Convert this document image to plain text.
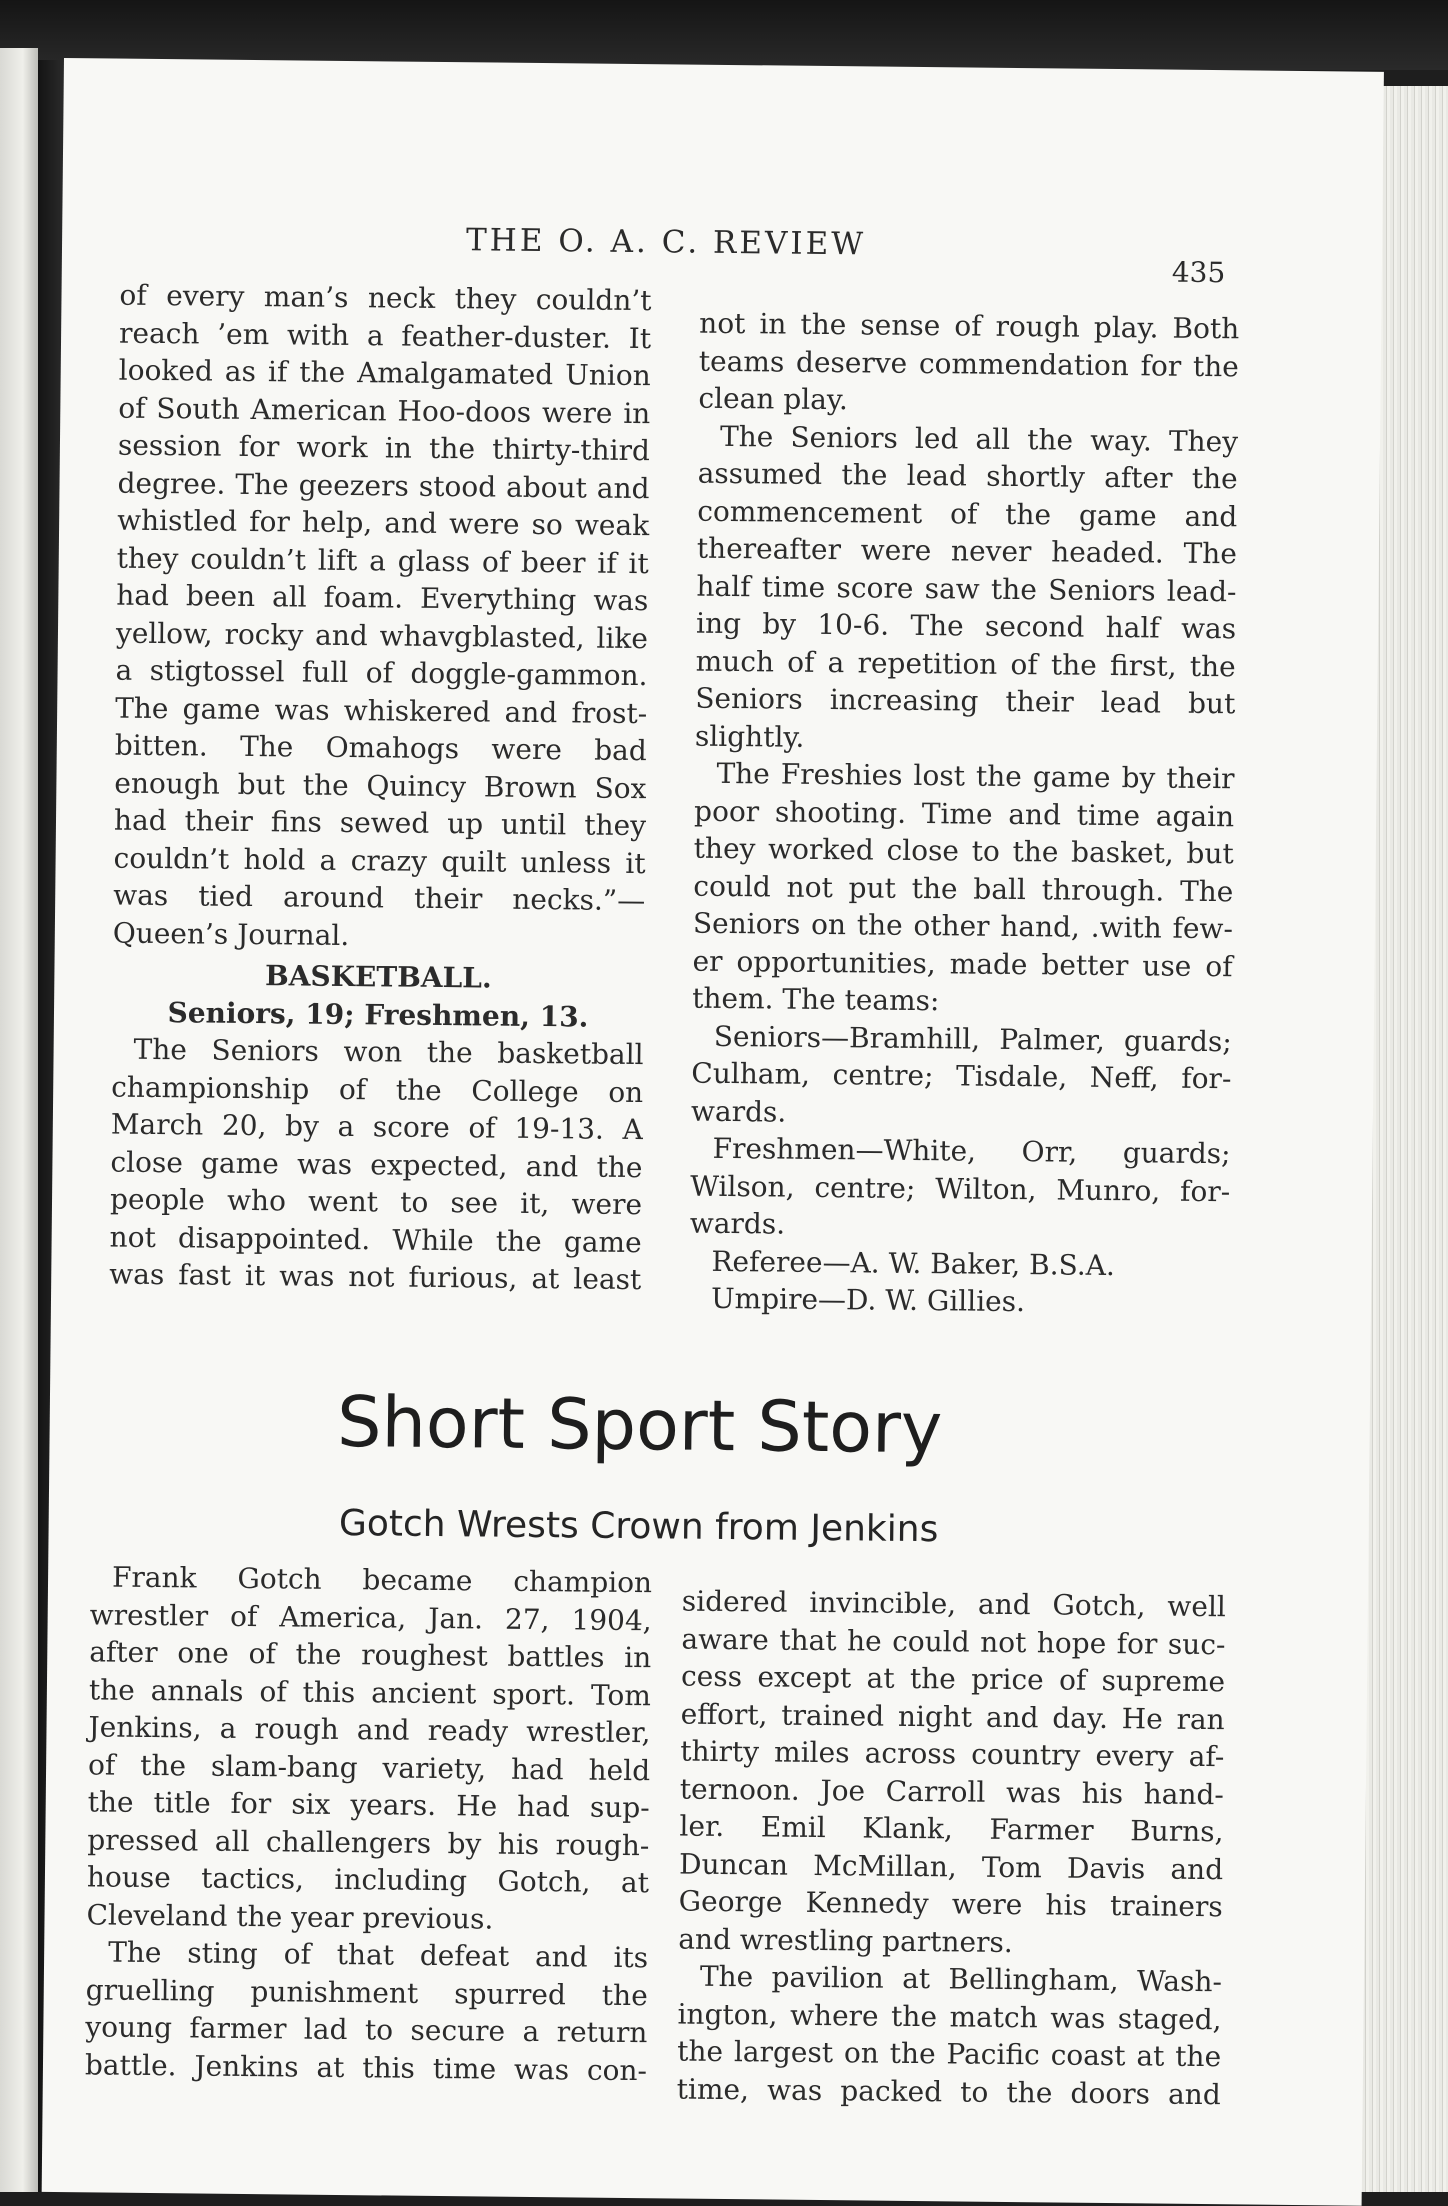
THE O. A. C. REVIEW
435

of every man’s neck they couldn’t

reach ’em with a feather-duster. It

looked as if the Amalgamated Union

of South American Hoo-doos were in

session for work in the thirty-third

degree. The geezers stood about and

whistled for help, and were so weak

they couldn’t lift a glass of beer if it

had been all foam. Everything was

yellow, rocky and whavgblasted, like

a stigtossel full of doggle-gammon.

The game was whiskered and frost-

bitten. The Omahogs were bad

enough but the Quincy Brown Sox

had their fins sewed up until they

couldn’t hold a crazy quilt unless it

was tied around their necks.”—

Queen’s Journal.

BASKETBALL.
Seniors, 19; Freshmen, 13.

The Seniors won the basketball

championship of the College on

March 20, by a score of 19-13. A

close game was expected, and the

people who went to see it, were

not disappointed. While the game

was fast it was not furious, at least

not in the sense of rough play. Both

teams deserve commendation for the

clean play.

The Seniors led all the way. They

assumed the lead shortly after the

commencement of the game and

thereafter were never headed. The

half time score saw the Seniors lead-

ing by 10-6. The second half was

much of a repetition of the first, the

Seniors increasing their lead but

slightly.

The Freshies lost the game by their

poor shooting. Time and time again

they worked close to the basket, but

could not put the ball through. The

Seniors on the other hand, .with few-

er opportunities, made better use of

them. The teams:

Seniors—Bramhill, Palmer, guards;

Culham, centre; Tisdale, Neff, for-

wards.

Freshmen—White, Orr, guards;

Wilson, centre; Wilton, Munro, for-

wards.

Referee—A. W. Baker, B.S.A.
Umpire—D. W. Gillies.
Short Sport Story
Gotch Wrests Crown from Jenkins

Frank Gotch became champion

wrestler of America, Jan. 27, 1904,

after one of the roughest battles in

the annals of this ancient sport. Tom

Jenkins, a rough and ready wrestler,

of the slam-bang variety, had held

the title for six years. He had sup-

pressed all challengers by his rough-

house tactics, including Gotch, at

Cleveland the year previous.

The sting of that defeat and its

gruelling punishment spurred the

young farmer lad to secure a return

battle. Jenkins at this time was con-

sidered invincible, and Gotch, well

aware that he could not hope for suc-

cess except at the price of supreme

effort, trained night and day. He ran

thirty miles across country every af-

ternoon. Joe Carroll was his hand-

ler. Emil Klank, Farmer Burns,

Duncan McMillan, Tom Davis and

George Kennedy were his trainers

and wrestling partners.

The pavilion at Bellingham, Wash-

ington, where the match was staged,

the largest on the Pacific coast at the

time, was packed to the doors and
